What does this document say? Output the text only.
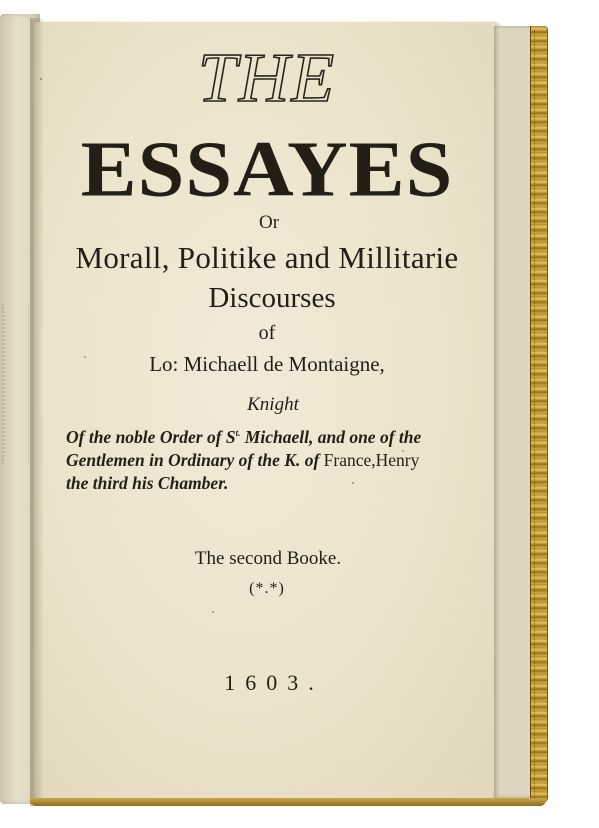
THE
ESSAYES
Or
Morall, Politike and Millitarie
Discourses
of
Lo: Michaell de Montaigne,
Knight
Of the noble Order of $S^{t.}$ Michaell, and one of the Gentlemen in Ordinary of the K. of France,Henry the third his Chamber.
The second Booke.
(*.*)
1603.
